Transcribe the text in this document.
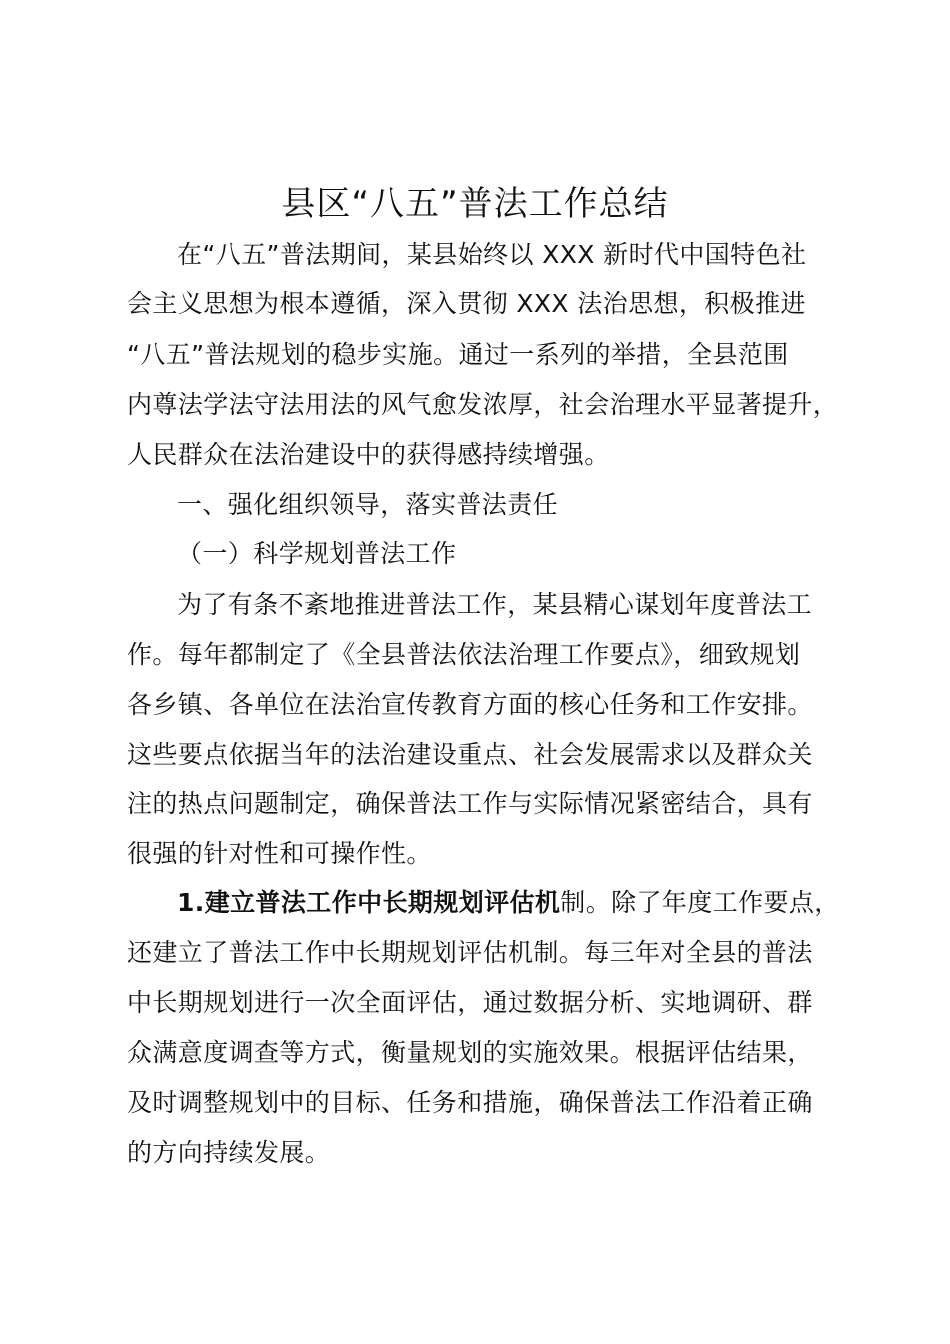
县区“八五”普法工作总结
在“八五”普法期间，某县始终以 XXX 新时代中国特色社
会主义思想为根本遵循，深入贯彻 XXX 法治思想，积极推进
“八五”普法规划的稳步实施。通过一系列的举措，全县范围
内尊法学法守法用法的风气愈发浓厚，社会治理水平显著提升，
人民群众在法治建设中的获得感持续增强。
一、强化组织领导，落实普法责任
（一）科学规划普法工作
为了有条不紊地推进普法工作，某县精心谋划年度普法工
作。每年都制定了《全县普法依法治理工作要点》，细致规划
各乡镇、各单位在法治宣传教育方面的核心任务和工作安排。
这些要点依据当年的法治建设重点、社会发展需求以及群众关
注的热点问题制定，确保普法工作与实际情况紧密结合，具有
很强的针对性和可操作性。
1.建立普法工作中长期规划评估机制。除了年度工作要点，
还建立了普法工作中长期规划评估机制。每三年对全县的普法
中长期规划进行一次全面评估，通过数据分析、实地调研、群
众满意度调查等方式，衡量规划的实施效果。根据评估结果，
及时调整规划中的目标、任务和措施，确保普法工作沿着正确
的方向持续发展。
